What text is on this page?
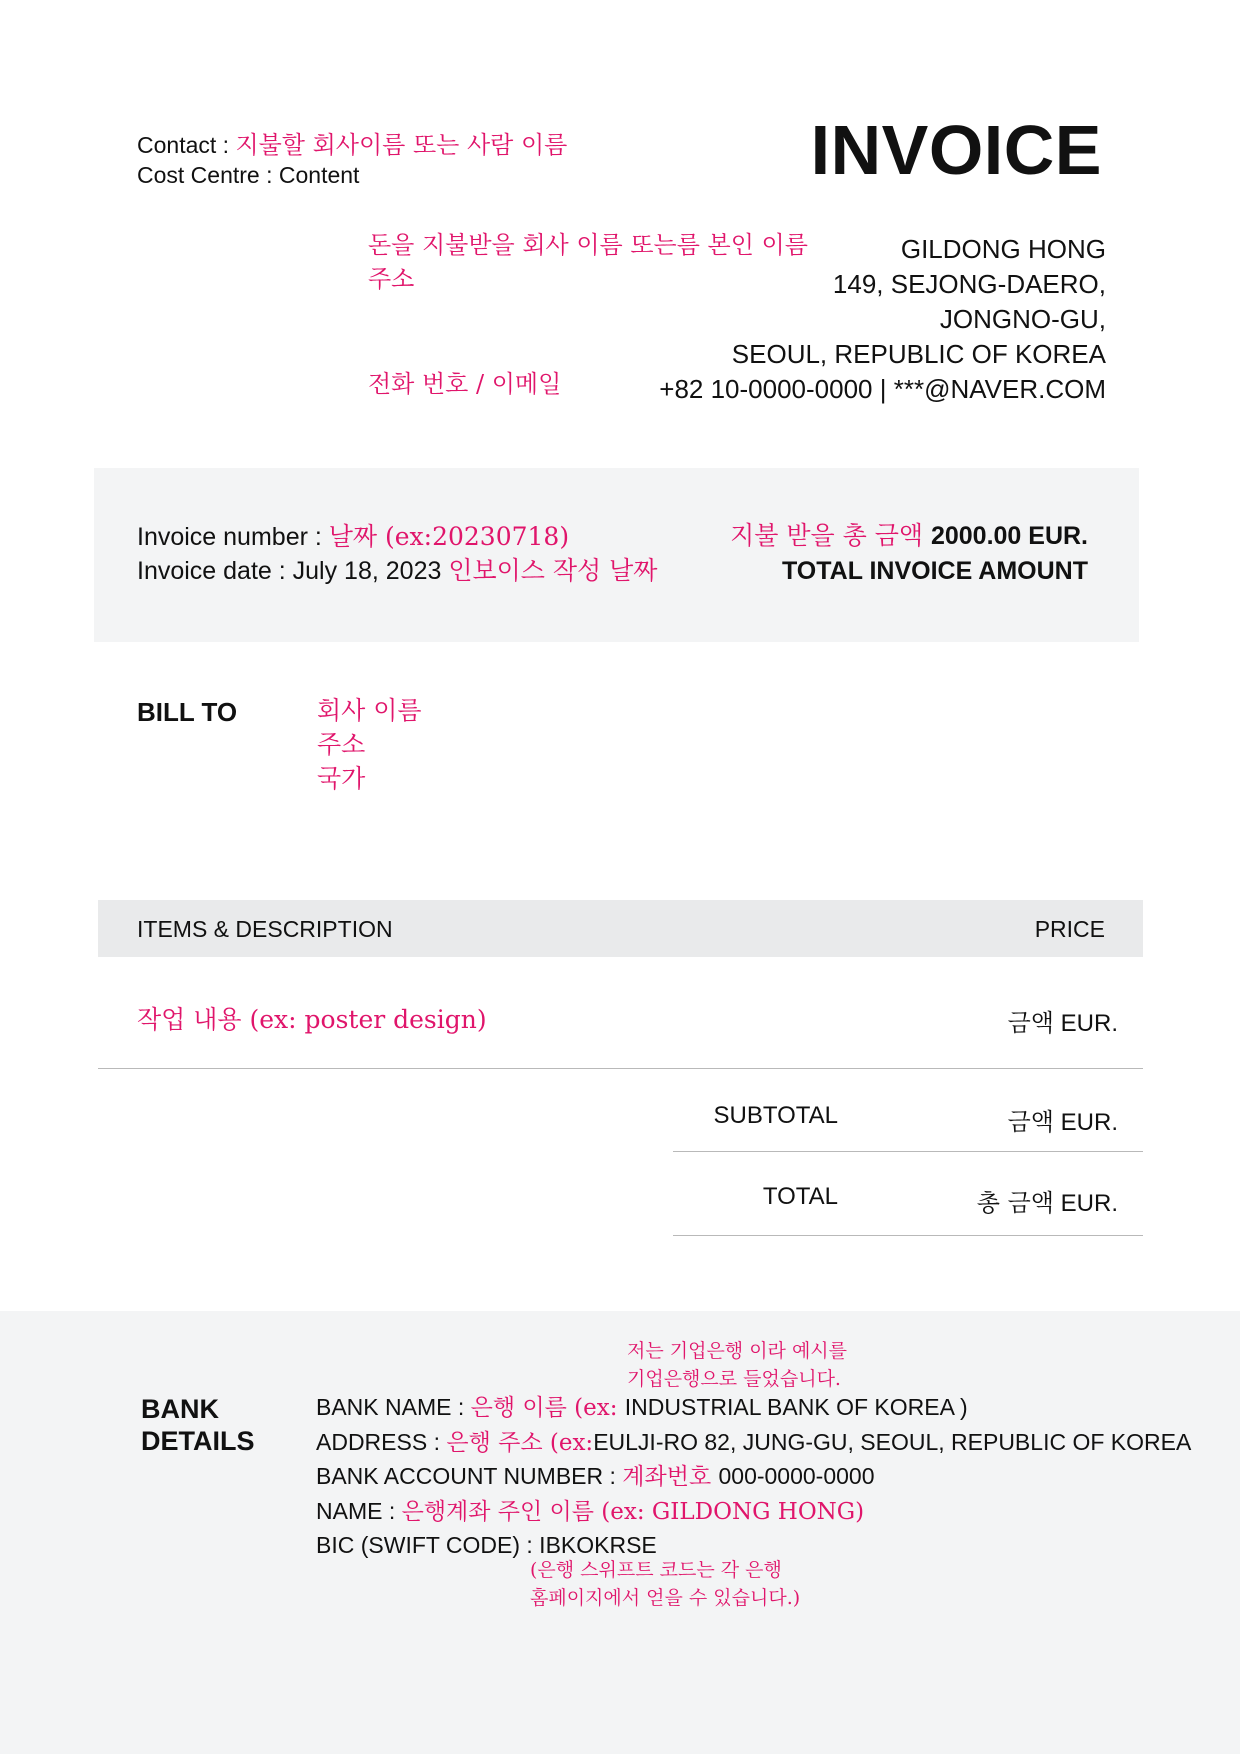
Contact : 지불할 회사이름 또는 사람 이름
Cost Centre : Content	INVOICE
돈을 지불받을 회사 이름 또는름 본인 이름
주소
전화 번호 / 이메일
GILDONG HONG
149, SEJONG-DAERO,
JONGNO-GU,
SEOUL, REPUBLIC OF KOREA
+82 10-0000-0000 | ***@NAVER.COM
Invoice number : 날짜 (ex:20230718)
Invoice date : July 18, 2023 인보이스 작성 날짜
지불 받을 총 금액 2000.00 EUR.
TOTAL INVOICE AMOUNT
BILL TO	회사 이름
주소
국가
ITEMS & DESCRIPTION	PRICE
작업 내용 (ex: poster design)	금액 EUR.
SUBTOTAL	금액 EUR.
TOTAL	총 금액 EUR.
BANK
DETAILS
저는 기업은행 이라 예시를
기업은행으로 들었습니다.
BANK NAME : 은행 이름 (ex: INDUSTRIAL BANK OF KOREA )
ADDRESS : 은행 주소 (ex:EULJI-RO 82, JUNG-GU, SEOUL, REPUBLIC OF KOREA
BANK ACCOUNT NUMBER : 계좌번호 000-0000-0000
NAME : 은행계좌 주인 이름 (ex: GILDONG HONG)
BIC (SWIFT CODE) : IBKOKRSE
(은행 스위프트 코드는 각 은행
홈페이지에서 얻을 수 있습니다.)
